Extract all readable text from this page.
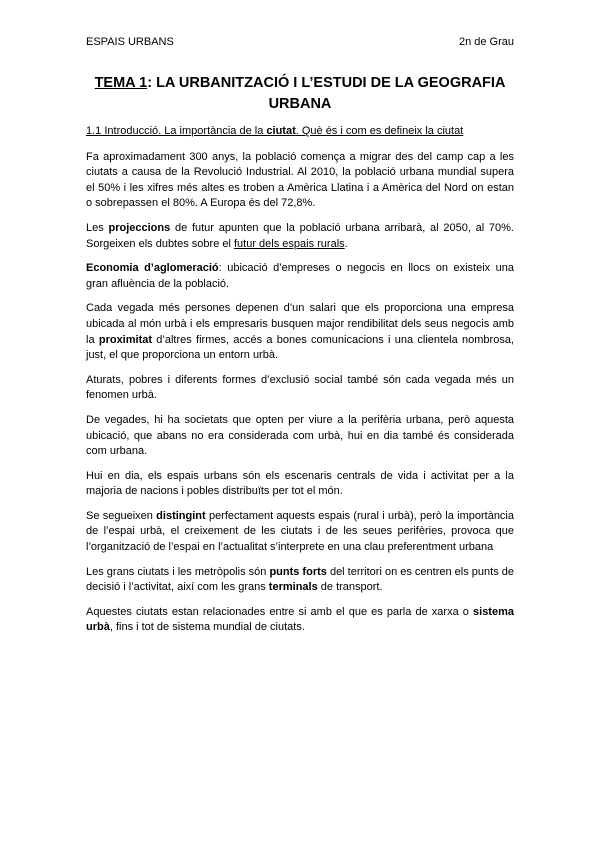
ESPAIS URBANS	2n de Grau
TEMA 1: LA URBANITZACIÓ I L’ESTUDI DE LA GEOGRAFIA URBANA

1.1 Introducció. La importància de la ciutat. Què és i com es defineix la ciutat

Fa aproximadament 300 anys, la població comença a migrar des del camp cap a les ciutats a causa de la Revolució Industrial. Al 2010, la població urbana mundial supera el 50% i les xifres més altes es troben a Amèrica Llatina i a Amèrica del Nord on estan o sobrepassen el 80%. A Europa és del 72,8%.

Les projeccions de futur apunten que la població urbana arribarà, al 2050, al 70%. Sorgeixen els dubtes sobre el futur dels espais rurals.

Economia d’aglomeració: ubicació d’empreses o negocis en llocs on existeix una gran afluència de la població.

Cada vegada més persones depenen d’un salari que els proporciona una empresa ubicada al món urbà i els empresaris busquen major rendibilitat dels seus negocis amb la proximitat d’altres firmes, accés a bones comunicacions i una clientela nombrosa, just, el que proporciona un entorn urbà.

Aturats, pobres i diferents formes d’exclusió social també són cada vegada més un fenomen urbà.

De vegades, hi ha societats que opten per viure a la perifèria urbana, però aquesta ubicació, que abans no era considerada com urbà, hui en dia també és considerada com urbana.

Hui en dia, els espais urbans són els escenaris centrals de vida i activitat per a la majoria de nacions i pobles distribuïts per tot el món.

Se segueixen distingint perfectament aquests espais (rural i urbà), però la importància de l’espai urbà, el creixement de les ciutats i de les seues perifèries, provoca que l’organització de l’espai en l’actualitat s’interprete en una clau preferentment urbana

Les grans ciutats i les metròpolis són punts forts del territori on es centren els punts de decisió i l’activitat, així com les grans terminals de transport.

Aquestes ciutats estan relacionades entre si amb el que es parla de xarxa o sistema urbà, fins i tot de sistema mundial de ciutats.
